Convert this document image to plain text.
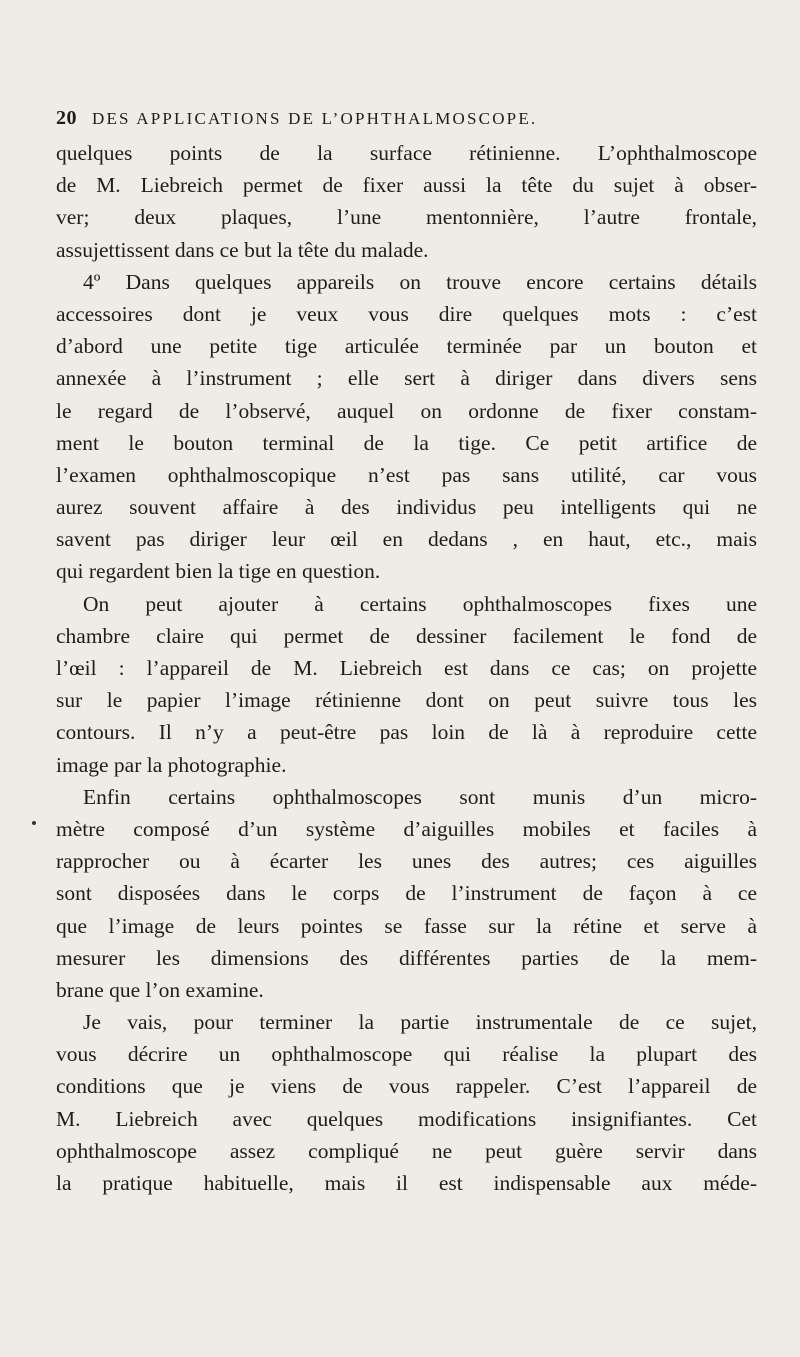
20 DES APPLICATIONS DE L’OPHTHALMOSCOPE.
quelques points de la surface rétinienne. L’ophthalmoscope
de M. Liebreich permet de fixer aussi la tête du sujet à obser-
ver; deux plaques, l’une mentonnière, l’autre frontale,
assujettissent dans ce but la tête du malade.
4º Dans quelques appareils on trouve encore certains détails
accessoires dont je veux vous dire quelques mots : c’est
d’abord une petite tige articulée terminée par un bouton et
annexée à l’instrument ; elle sert à diriger dans divers sens
le regard de l’observé, auquel on ordonne de fixer constam-
ment le bouton terminal de la tige. Ce petit artifice de
l’examen ophthalmoscopique n’est pas sans utilité, car vous
aurez souvent affaire à des individus peu intelligents qui ne
savent pas diriger leur œil en dedans , en haut, etc., mais
qui regardent bien la tige en question.
On peut ajouter à certains ophthalmoscopes fixes une
chambre claire qui permet de dessiner facilement le fond de
l’œil : l’appareil de M. Liebreich est dans ce cas; on projette
sur le papier l’image rétinienne dont on peut suivre tous les
contours. Il n’y a peut-être pas loin de là à reproduire cette
image par la photographie.
Enfin certains ophthalmoscopes sont munis d’un micro-
mètre composé d’un système d’aiguilles mobiles et faciles à
rapprocher ou à écarter les unes des autres; ces aiguilles
sont disposées dans le corps de l’instrument de façon à ce
que l’image de leurs pointes se fasse sur la rétine et serve à
mesurer les dimensions des différentes parties de la mem-
brane que l’on examine.
Je vais, pour terminer la partie instrumentale de ce sujet,
vous décrire un ophthalmoscope qui réalise la plupart des
conditions que je viens de vous rappeler. C’est l’appareil de
M. Liebreich avec quelques modifications insignifiantes. Cet
ophthalmoscope assez compliqué ne peut guère servir dans
la pratique habituelle, mais il est indispensable aux méde-
